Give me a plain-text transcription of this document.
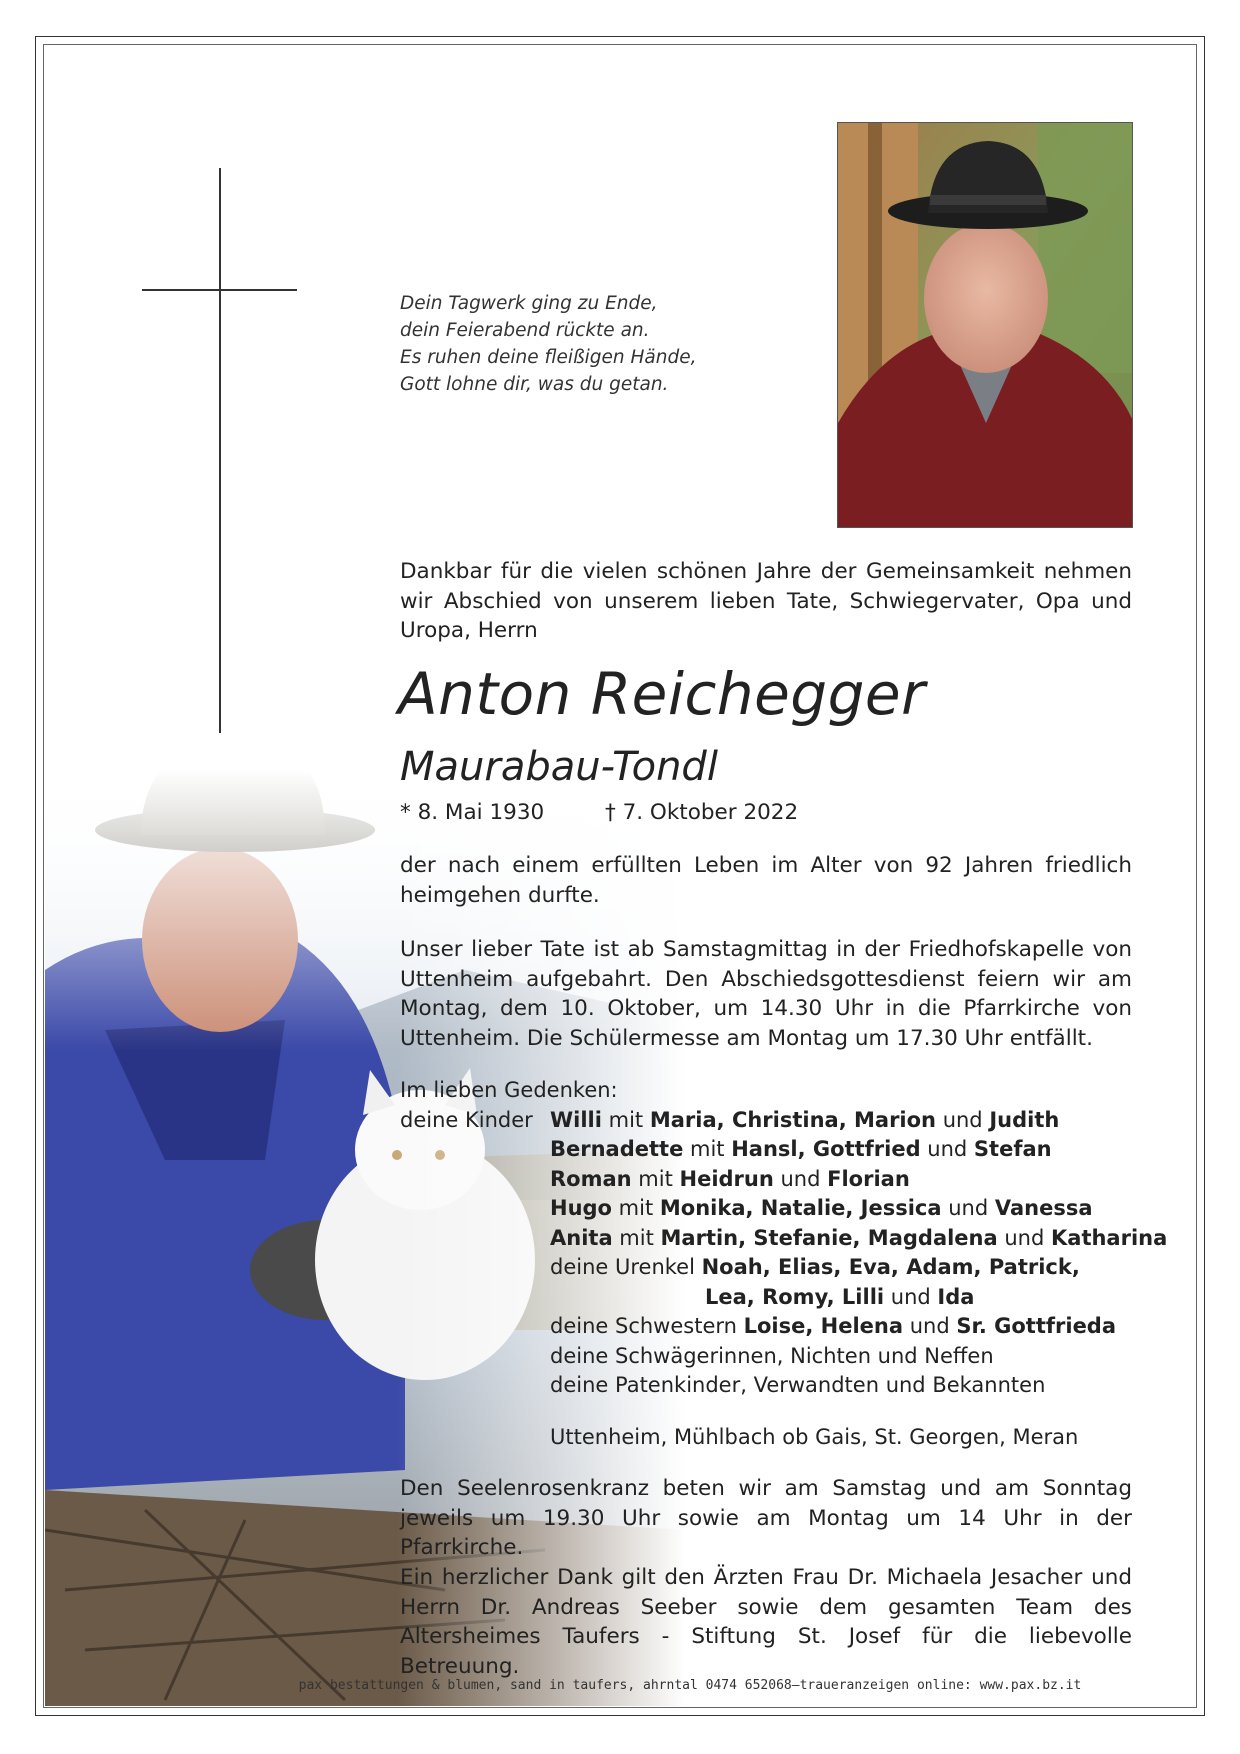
Dein Tagwerk ging zu Ende,
dein Feierabend rückte an.
Es ruhen deine fleißigen Hände,
Gott lohne dir, was du getan.
Dankbar für die vielen schönen Jahre der Gemeinsamkeit nehmen wir Abschied von unserem lieben Tate, Schwiegervater, Opa und Uropa, Herrn
Anton Reichegger
Maurabau-Tondl
* 8. Mai 1930	† 7. Oktober 2022
der nach einem erfüllten Leben im Alter von 92 Jahren friedlich heimgehen durfte.
Unser lieber Tate ist ab Samstagmittag in der Friedhofskapelle von Uttenheim aufgebahrt. Den Abschiedsgottesdienst feiern wir am Montag, dem 10. Oktober, um 14.30 Uhr in die Pfarrkirche von Uttenheim. Die Schülermesse am Montag um 17.30 Uhr entfällt.
Im lieben Gedenken:
deine Kinder Willi mit Maria, Christina, Marion und Judith
Bernadette mit Hansl, Gottfried und Stefan
Roman mit Heidrun und Florian
Hugo mit Monika, Natalie, Jessica und Vanessa
Anita mit Martin, Stefanie, Magdalena und Katharina
deine Urenkel Noah, Elias, Eva, Adam, Patrick,
Lea, Romy, Lilli und Ida
deine Schwestern Loise, Helena und Sr. Gottfrieda
deine Schwägerinnen, Nichten und Neffen
deine Patenkinder, Verwandten und Bekannten
Uttenheim, Mühlbach ob Gais, St. Georgen, Meran
Den Seelenrosenkranz beten wir am Samstag und am Sonntag jeweils um 19.30 Uhr sowie am Montag um 14 Uhr in der Pfarrkirche.
Ein herzlicher Dank gilt den Ärzten Frau Dr. Michaela Jesacher und Herrn Dr. Andreas Seeber sowie dem gesamten Team des Altersheimes Taufers - Stiftung St. Josef für die liebevolle Betreuung.
pax bestattungen & blumen, sand in taufers, ahrntal 0474 652068–traueranzeigen online: www.pax.bz.it
